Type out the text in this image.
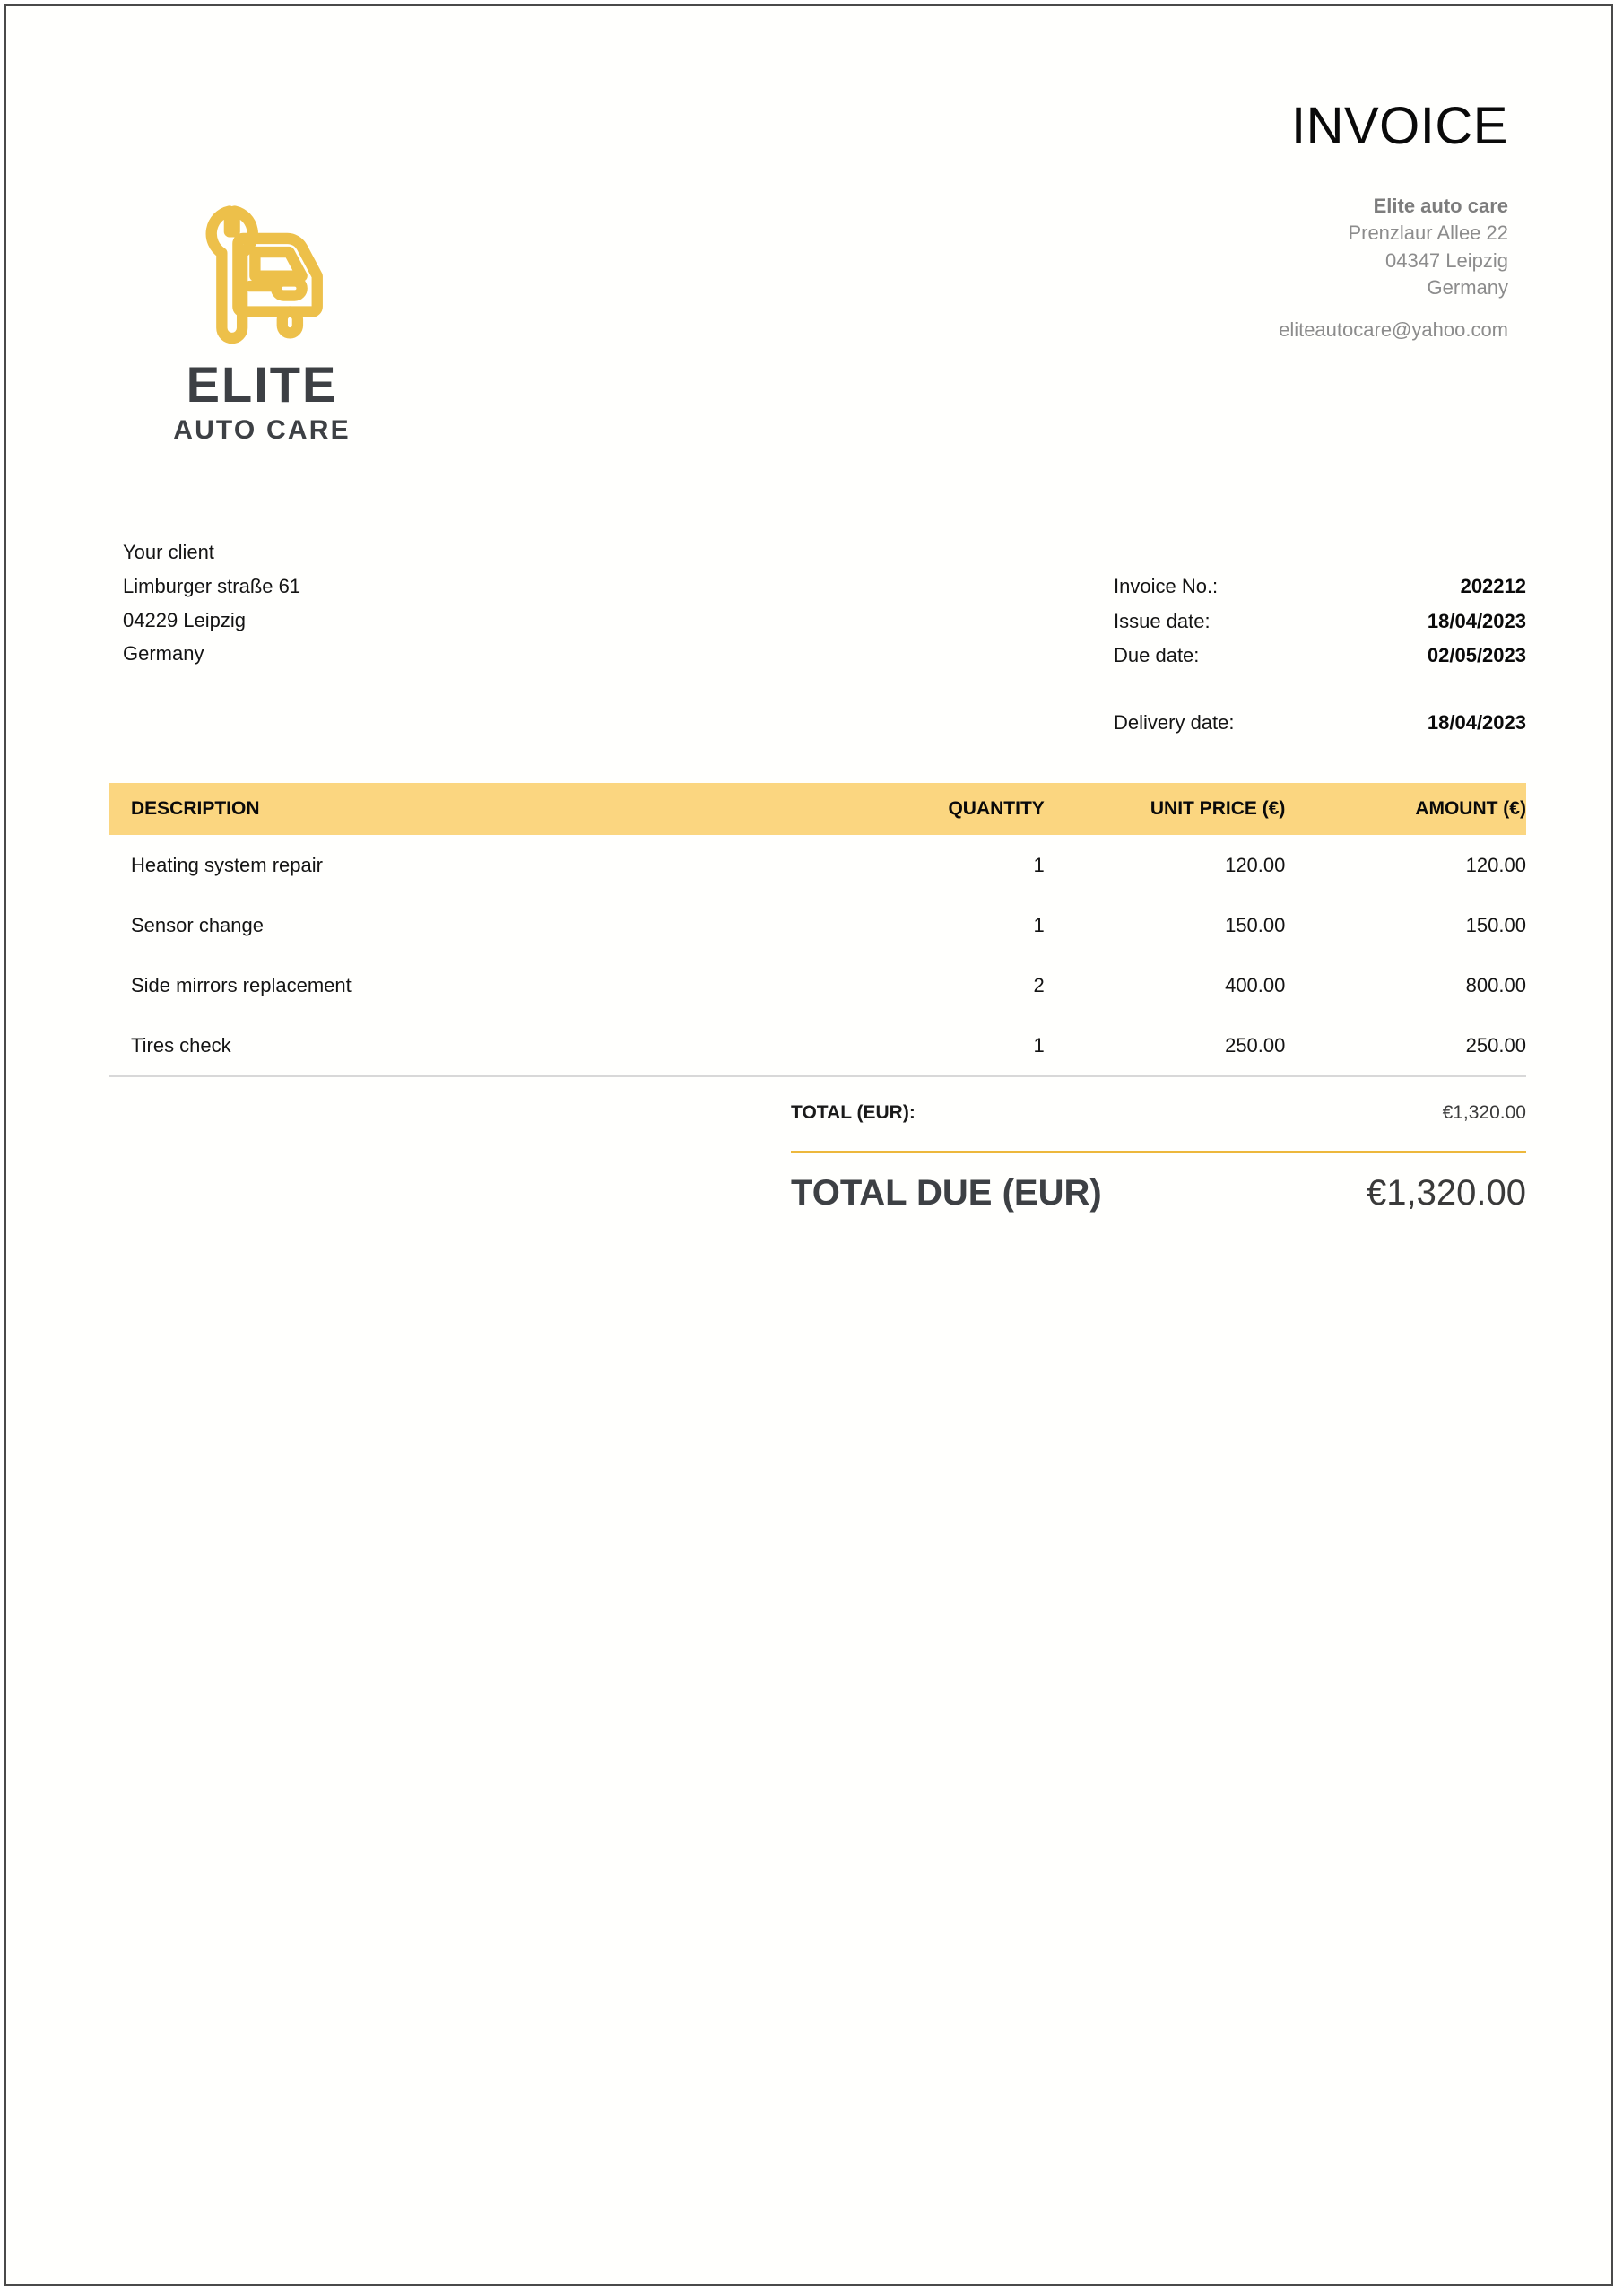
INVOICE
Elite auto care
Prenzlaur Allee 22
04347 Leipzig
Germany
eliteautocare@yahoo.com
ELITE
AUTO CARE
Your client
Limburger straße 61
04229 Leipzig
Germany
Invoice No.:	202212
Issue date:	18/04/2023
Due date:	02/05/2023
Delivery date:	18/04/2023
DESCRIPTION	QUANTITY	UNIT PRICE (€)	AMOUNT (€)
Heating system repair	1	120.00	120.00
Sensor change	1	150.00	150.00
Side mirrors replacement	2	400.00	800.00
Tires check	1	250.00	250.00
TOTAL (EUR):	€1,320.00
TOTAL DUE (EUR)	€1,320.00
